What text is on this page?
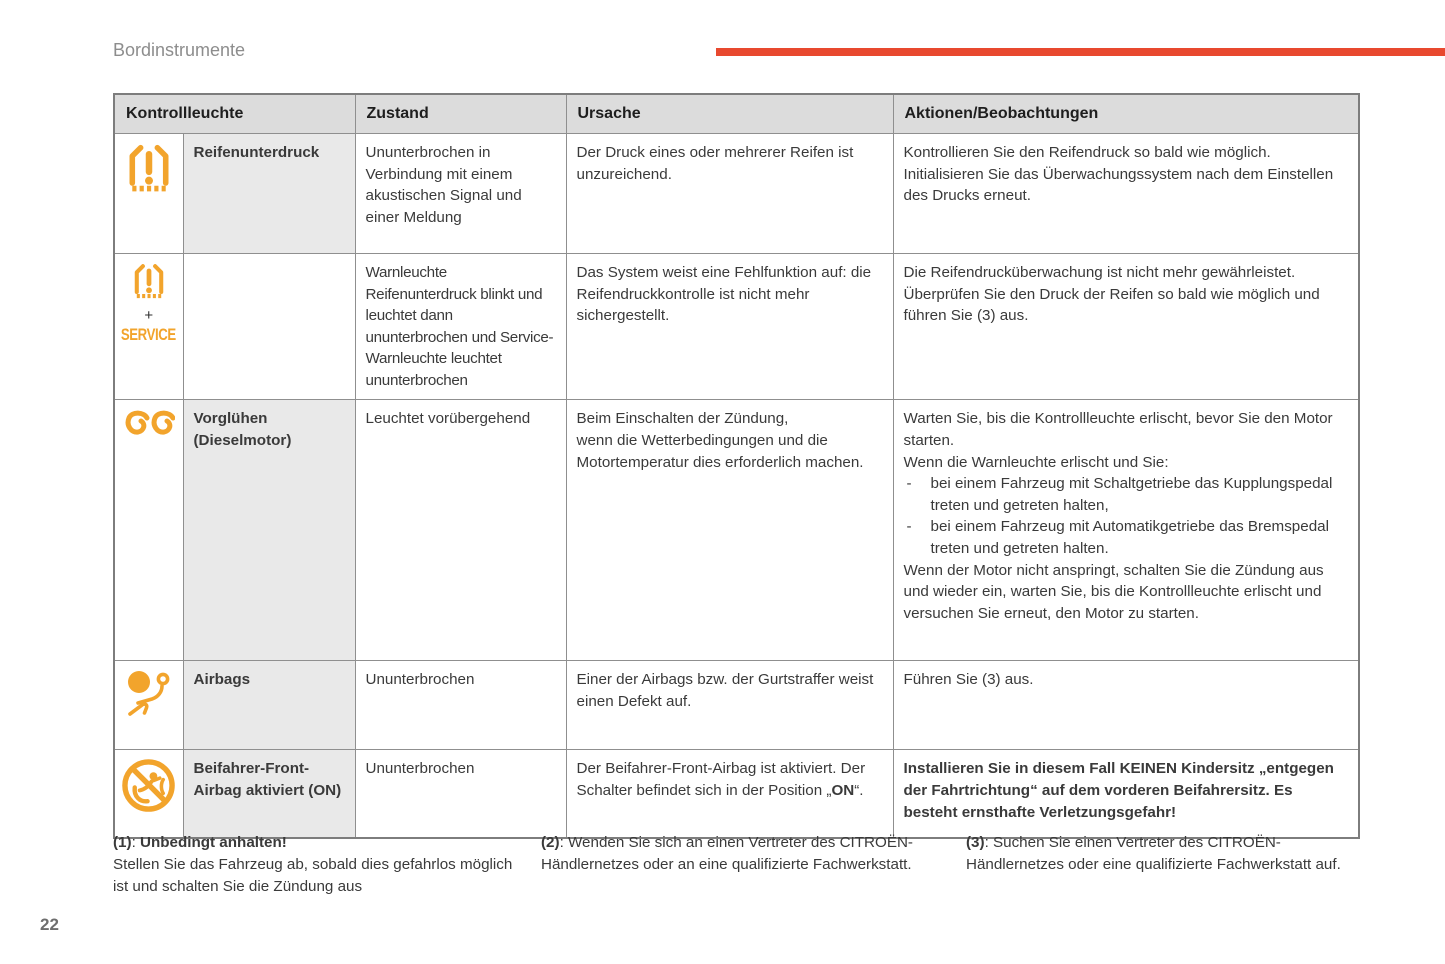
Bordinstrumente
Kontrollleuchte		Zustand	Ursache	Aktionen/Beobachtungen

	Reifenunterdruck	Ununterbrochen in Verbindung mit einem akustischen Signal und einer Meldung	Der Druck eines oder mehrerer Reifen ist unzureichend.	Kontrollieren Sie den Reifendruck so bald wie möglich. Initialisieren Sie das Überwachungssystem nach dem Einstellen des Drucks erneut.

+
SERVICE		Warnleuchte Reifenunterdruck blinkt und leuchtet dann ununterbrochen und Service-Warnleuchte leuchtet ununterbrochen	Das System weist eine Fehlfunktion auf: die Reifendruckkontrolle ist nicht mehr sichergestellt.	Die Reifendrucküberwachung ist nicht mehr gewährleistet. Überprüfen Sie den Druck der Reifen so bald wie möglich und führen Sie (3) aus.

	Vorglühen (Dieselmotor)	Leuchtet vorübergehend	Beim Einschalten der Zündung,
wenn die Wetterbedingungen und die Motortemperatur dies erforderlich machen.

Warten Sie, bis die Kontrollleuchte erlischt, bevor Sie den Motor starten.
Wenn die Warnleuchte erlischt und Sie:
- bei einem Fahrzeug mit Schaltgetriebe das Kupplungspedal treten und getreten halten,
- bei einem Fahrzeug mit Automatikgetriebe das Bremspedal treten und getreten halten.
Wenn der Motor nicht anspringt, schalten Sie die Zündung aus und wieder ein, warten Sie, bis die Kontrollleuchte erlischt und versuchen Sie erneut, den Motor zu starten.

	Airbags	Ununterbrochen	Einer der Airbags bzw. der Gurtstraffer weist einen Defekt auf.	Führen Sie (3) aus.

	Beifahrer-Front-Airbag aktiviert (ON)	Ununterbrochen	Der Beifahrer-Front-Airbag ist aktiviert. Der Schalter befindet sich in der Position „ON“.	Installieren Sie in diesem Fall KEINEN Kindersitz „entgegen der Fahrtrichtung“ auf dem vorderen Beifahrersitz. Es besteht ernsthafte Verletzungsgefahr!
(1): Unbedingt anhalten!
Stellen Sie das Fahrzeug ab, sobald dies gefahrlos möglich ist und schalten Sie die Zündung aus
(2): Wenden Sie sich an einen Vertreter des CITROËN-Händlernetzes oder an eine qualifizierte Fachwerkstatt.
(3): Suchen Sie einen Vertreter des CITROËN-Händlernetzes oder eine qualifizierte Fachwerkstatt auf.
22
